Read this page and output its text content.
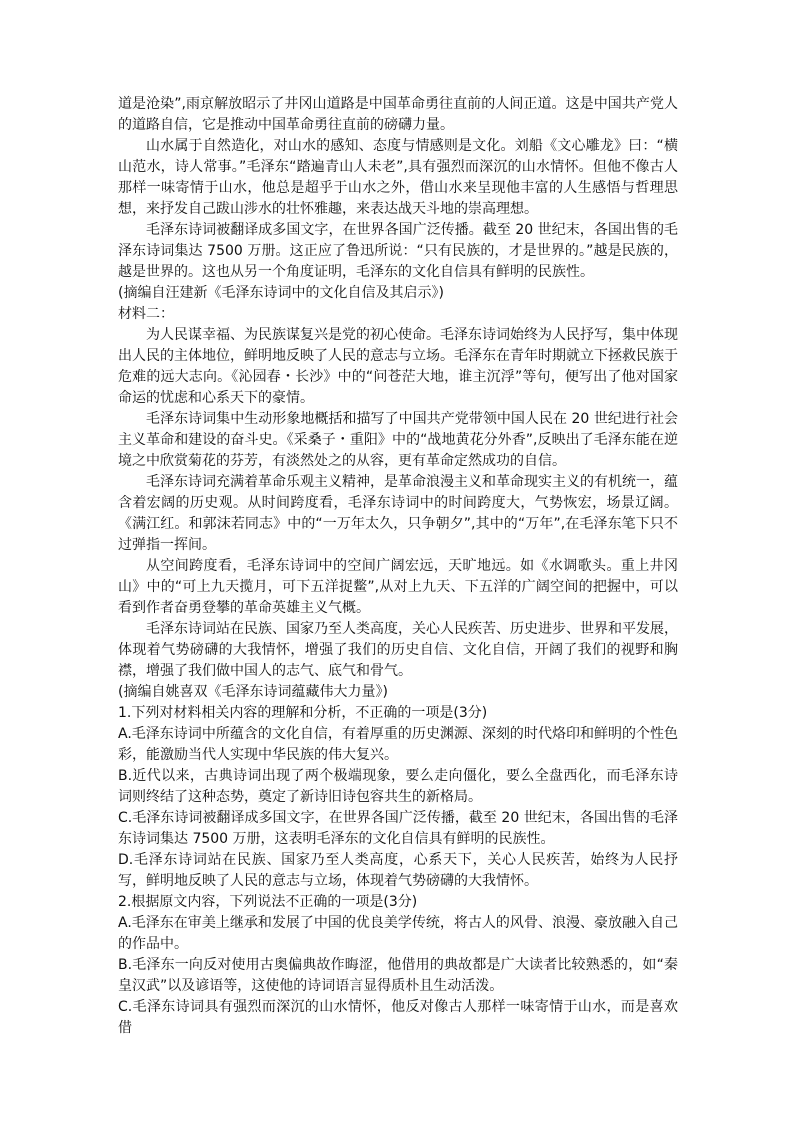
道是沧染”,雨京解放昭示了井冈山道路是中国革命勇往直前的人间正道。这是中国共产党人的道路自信，它是推动中国革命勇往直前的磅礴力量。

山水属于自然造化，对山水的感知、态度与情感则是文化。刘船《文心雕龙》曰：“横山范水，诗人常事。”毛泽东“踏遍青山人未老”,具有强烈而深沉的山水情怀。但他不像古人那样一味寄情于山水，他总是超乎于山水之外，借山水来呈现他丰富的人生感悟与哲理思想，来抒发自己跋山涉水的壮怀雅趣，来表达战天斗地的崇高理想。

毛泽东诗词被翻译成多国文字，在世界各国广泛传播。截至 20 世纪末，各国出售的毛泽东诗词集达 7500 万册。这正应了鲁迅所说：“只有民族的，才是世界的。”越是民族的，越是世界的。这也从另一个角度证明，毛泽东的文化自信具有鲜明的民族性。

(摘编自汪建新《毛泽东诗词中的文化自信及其启示》)

材料二：

为人民谋幸福、为民族谋复兴是党的初心使命。毛泽东诗词始终为人民抒写，集中体现出人民的主体地位，鲜明地反映了人民的意志与立场。毛泽东在青年时期就立下拯救民族于危难的远大志向。《沁园春・长沙》中的“问苍茫大地，谁主沉浮”等句，便写出了他对国家命运的忧虑和心系天下的豪情。

毛泽东诗词集中生动形象地概括和描写了中国共产党带领中国人民在 20 世纪进行社会主义革命和建设的奋斗史。《采桑子・重阳》中的“战地黄花分外香”,反映出了毛泽东能在逆境之中欣赏菊花的芬芳，有淡然处之的从容，更有革命定然成功的自信。

毛泽东诗词充满着革命乐观主义精神，是革命浪漫主义和革命现实主义的有机统一，蕴含着宏阔的历史观。从时间跨度看，毛泽东诗词中的时间跨度大，气势恢宏，场景辽阔。《满江红。和郭沫若同志》中的“一万年太久，只争朝夕”,其中的“万年”,在毛泽东笔下只不过弹指一挥间。

从空间跨度看，毛泽东诗词中的空间广阔宏远，天旷地远。如《水调歌头。重上井冈山》中的“可上九天揽月，可下五洋捉鳖”,从对上九天、下五洋的广阔空间的把握中，可以看到作者奋勇登攀的革命英雄主义气概。

毛泽东诗词站在民族、国家乃至人类高度，关心人民疾苦、历史进步、世界和平发展，体现着气势磅礴的大我情怀，增强了我们的历史自信、文化自信，开阔了我们的视野和胸襟，增强了我们做中国人的志气、底气和骨气。

(摘编自姚喜双《毛泽东诗词蕴藏伟大力量》)

1.下列对材料相关内容的理解和分析，不正确的一项是(3分)

A.毛泽东诗词中所蕴含的文化自信，有着厚重的历史渊源、深刻的时代烙印和鲜明的个性色彩，能激励当代人实现中华民族的伟大复兴。

B.近代以来，古典诗词出现了两个极端现象，要么走向僵化，要么全盘西化，而毛泽东诗词则终结了这种态势，奠定了新诗旧诗包容共生的新格局。

C.毛泽东诗词被翻译成多国文字，在世界各国广泛传播，截至 20 世纪末，各国出售的毛泽东诗词集达 7500 万册，这表明毛泽东的文化自信具有鲜明的民族性。

D.毛泽东诗词站在民族、国家乃至人类高度，心系天下，关心人民疾苦，始终为人民抒写，鲜明地反映了人民的意志与立场，体现着气势磅礴的大我情怀。

2.根据原文内容，下列说法不正确的一项是(3分)

A.毛泽东在审美上继承和发展了中国的优良美学传统，将古人的风骨、浪漫、豪放融入自己的作品中。

B.毛泽东一向反对使用古奥偏典故作晦涩，他借用的典故都是广大读者比较熟悉的，如“秦皇汉武”以及谚语等，这使他的诗词语言显得质朴且生动活泼。

C.毛泽东诗词具有强烈而深沉的山水情怀，他反对像古人那样一味寄情于山水，而是喜欢借
